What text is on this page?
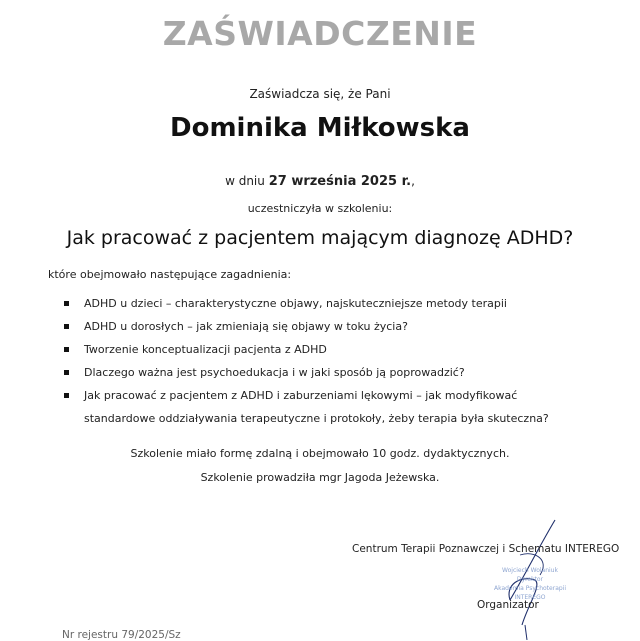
ZAŚWIADCZENIE
Zaświadcza się, że Pani
Dominika Miłkowska
w dniu 27 września 2025 r.,
uczestniczyła w szkoleniu:
Jak pracować z pacjentem mającym diagnozę ADHD?
które obejmowało następujące zagadnienia:
ADHD u dzieci – charakterystyczne objawy, najskuteczniejsze metody terapii
ADHD u dorosłych – jak zmieniają się objawy w toku życia?
Tworzenie konceptualizacji pacjenta z ADHD
Dlaczego ważna jest psychoedukacja i w jaki sposób ją poprowadzić?
Jak pracować z pacjentem z ADHD i zaburzeniami lękowymi – jak modyfikować standardowe oddziaływania terapeutyczne i protokoły, żeby terapia była skuteczna?
Szkolenie miało formę zdalną i obejmowało 10 godz. dydaktycznych.
Szkolenie prowadziła mgr Jagoda Jeżewska.
Centrum Terapii Poznawczej i Schematu INTEREGO
Wojciech Wolaniuk
Dyrektor
Akademia Psychoterapii INTEREGO
Organizator
Nr rejestru 79/2025/Sz
